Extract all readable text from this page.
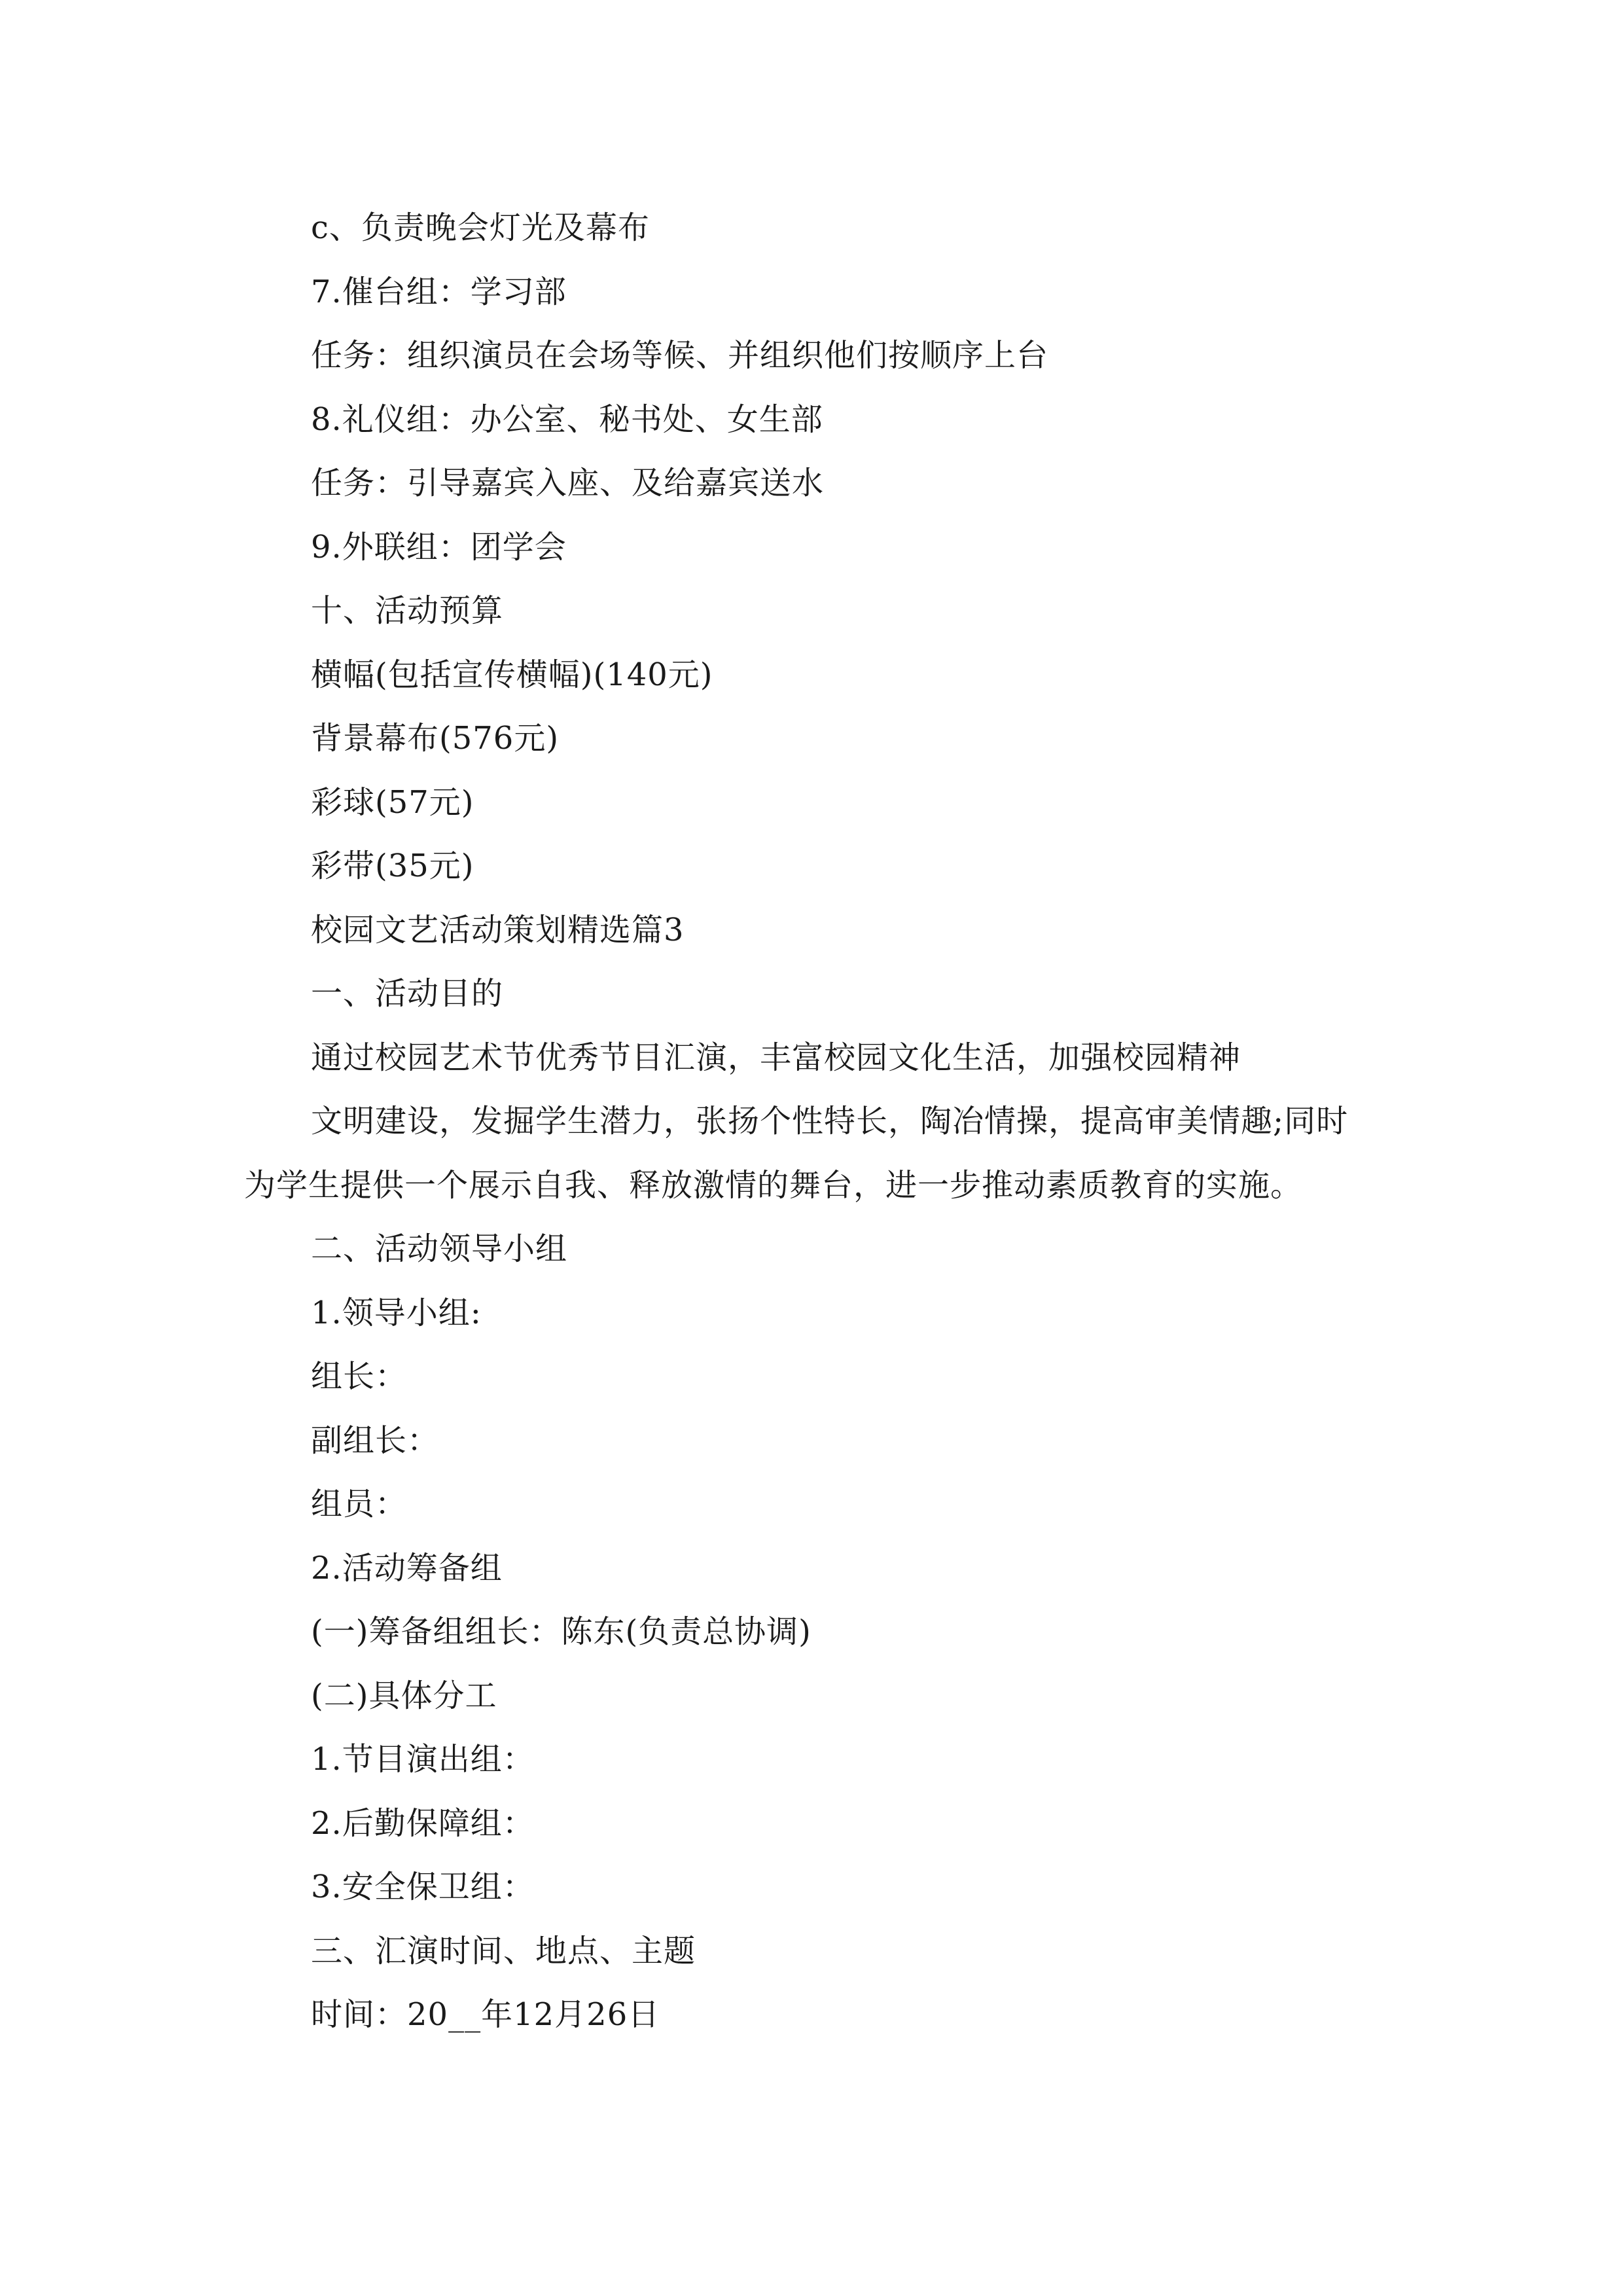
c、负责晚会灯光及幕布
7.催台组：学习部
任务：组织演员在会场等候、并组织他们按顺序上台
8.礼仪组：办公室、秘书处、女生部
任务：引导嘉宾入座、及给嘉宾送水
9.外联组：团学会
十、活动预算
横幅(包括宣传横幅)(140元)
背景幕布(576元)
彩球(57元)
彩带(35元)
校园文艺活动策划精选篇3
一、活动目的
通过校园艺术节优秀节目汇演，丰富校园文化生活，加强校园精神
文明建设，发掘学生潜力，张扬个性特长，陶冶情操，提高审美情趣;同时
为学生提供一个展示自我、释放激情的舞台，进一步推动素质教育的实施。
二、活动领导小组
1.领导小组:
组长：
副组长：
组员：
2.活动筹备组
(一)筹备组组长：陈东(负责总协调)
(二)具体分工
1.节目演出组：
2.后勤保障组：
3.安全保卫组：
三、汇演时间、地点、主题
时间：20__年12月26日
